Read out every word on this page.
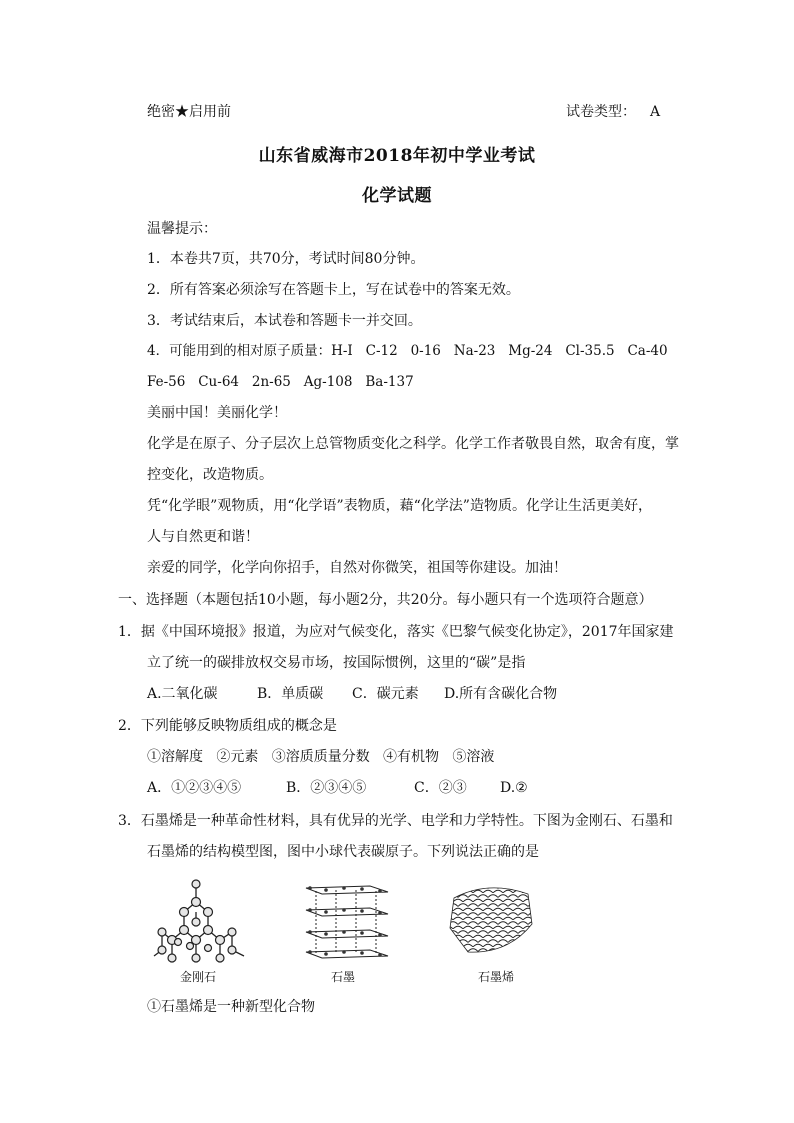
绝密★启用前	试卷类型： A
山东省威海市2018年初中学业考试
化学试题
温馨提示：
1．本卷共7页，共70分，考试时间80分钟。
2．所有答案必须涂写在答题卡上，写在试卷中的答案无效。
3．考试结束后，本试卷和答题卡一并交回。
4．可能用到的相对原子质量：H-I   C-12   0-16   Na-23   Mg-24   Cl-35.5   Ca-40
Fe-56   Cu-64   2n-65   Ag-108   Ba-137
美丽中国！美丽化学！
化学是在原子、分子层次上总管物质变化之科学。化学工作者敬畏自然，取舍有度，掌
控变化，改造物质。
凭“化学眼”观物质，用“化学语”表物质，藉“化学法”造物质。化学让生活更美好，
人与自然更和谐！
亲爱的同学，化学向你招手，自然对你微笑，祖国等你建设。加油！
一、选择题（本题包括10小题，每小题2分，共20分。每小题只有一个选项符合题意）
1．据《中国环境报》报道，为应对气候变化，落实《巴黎气候变化协定》，2017年国家建
立了统一的碳排放权交易市场，按国际惯例，这里的“碳”是指
A.二氧化碳	B．单质碳 C．碳元素 D.所有含碳化合物
2．下列能够反映物质组成的概念是
①溶解度   ②元素   ③溶质质量分数   ④有机物   ⑤溶液
A．①②③④⑤	B．②③④⑤	C．②③ D.②
3．石墨烯是一种革命性材料，具有优异的光学、电学和力学特性。下图为金刚石、石墨和
石墨烯的结构模型图，图中小球代表碳原子。下列说法正确的是
金刚石	石墨	石墨烯
①石墨烯是一种新型化合物
